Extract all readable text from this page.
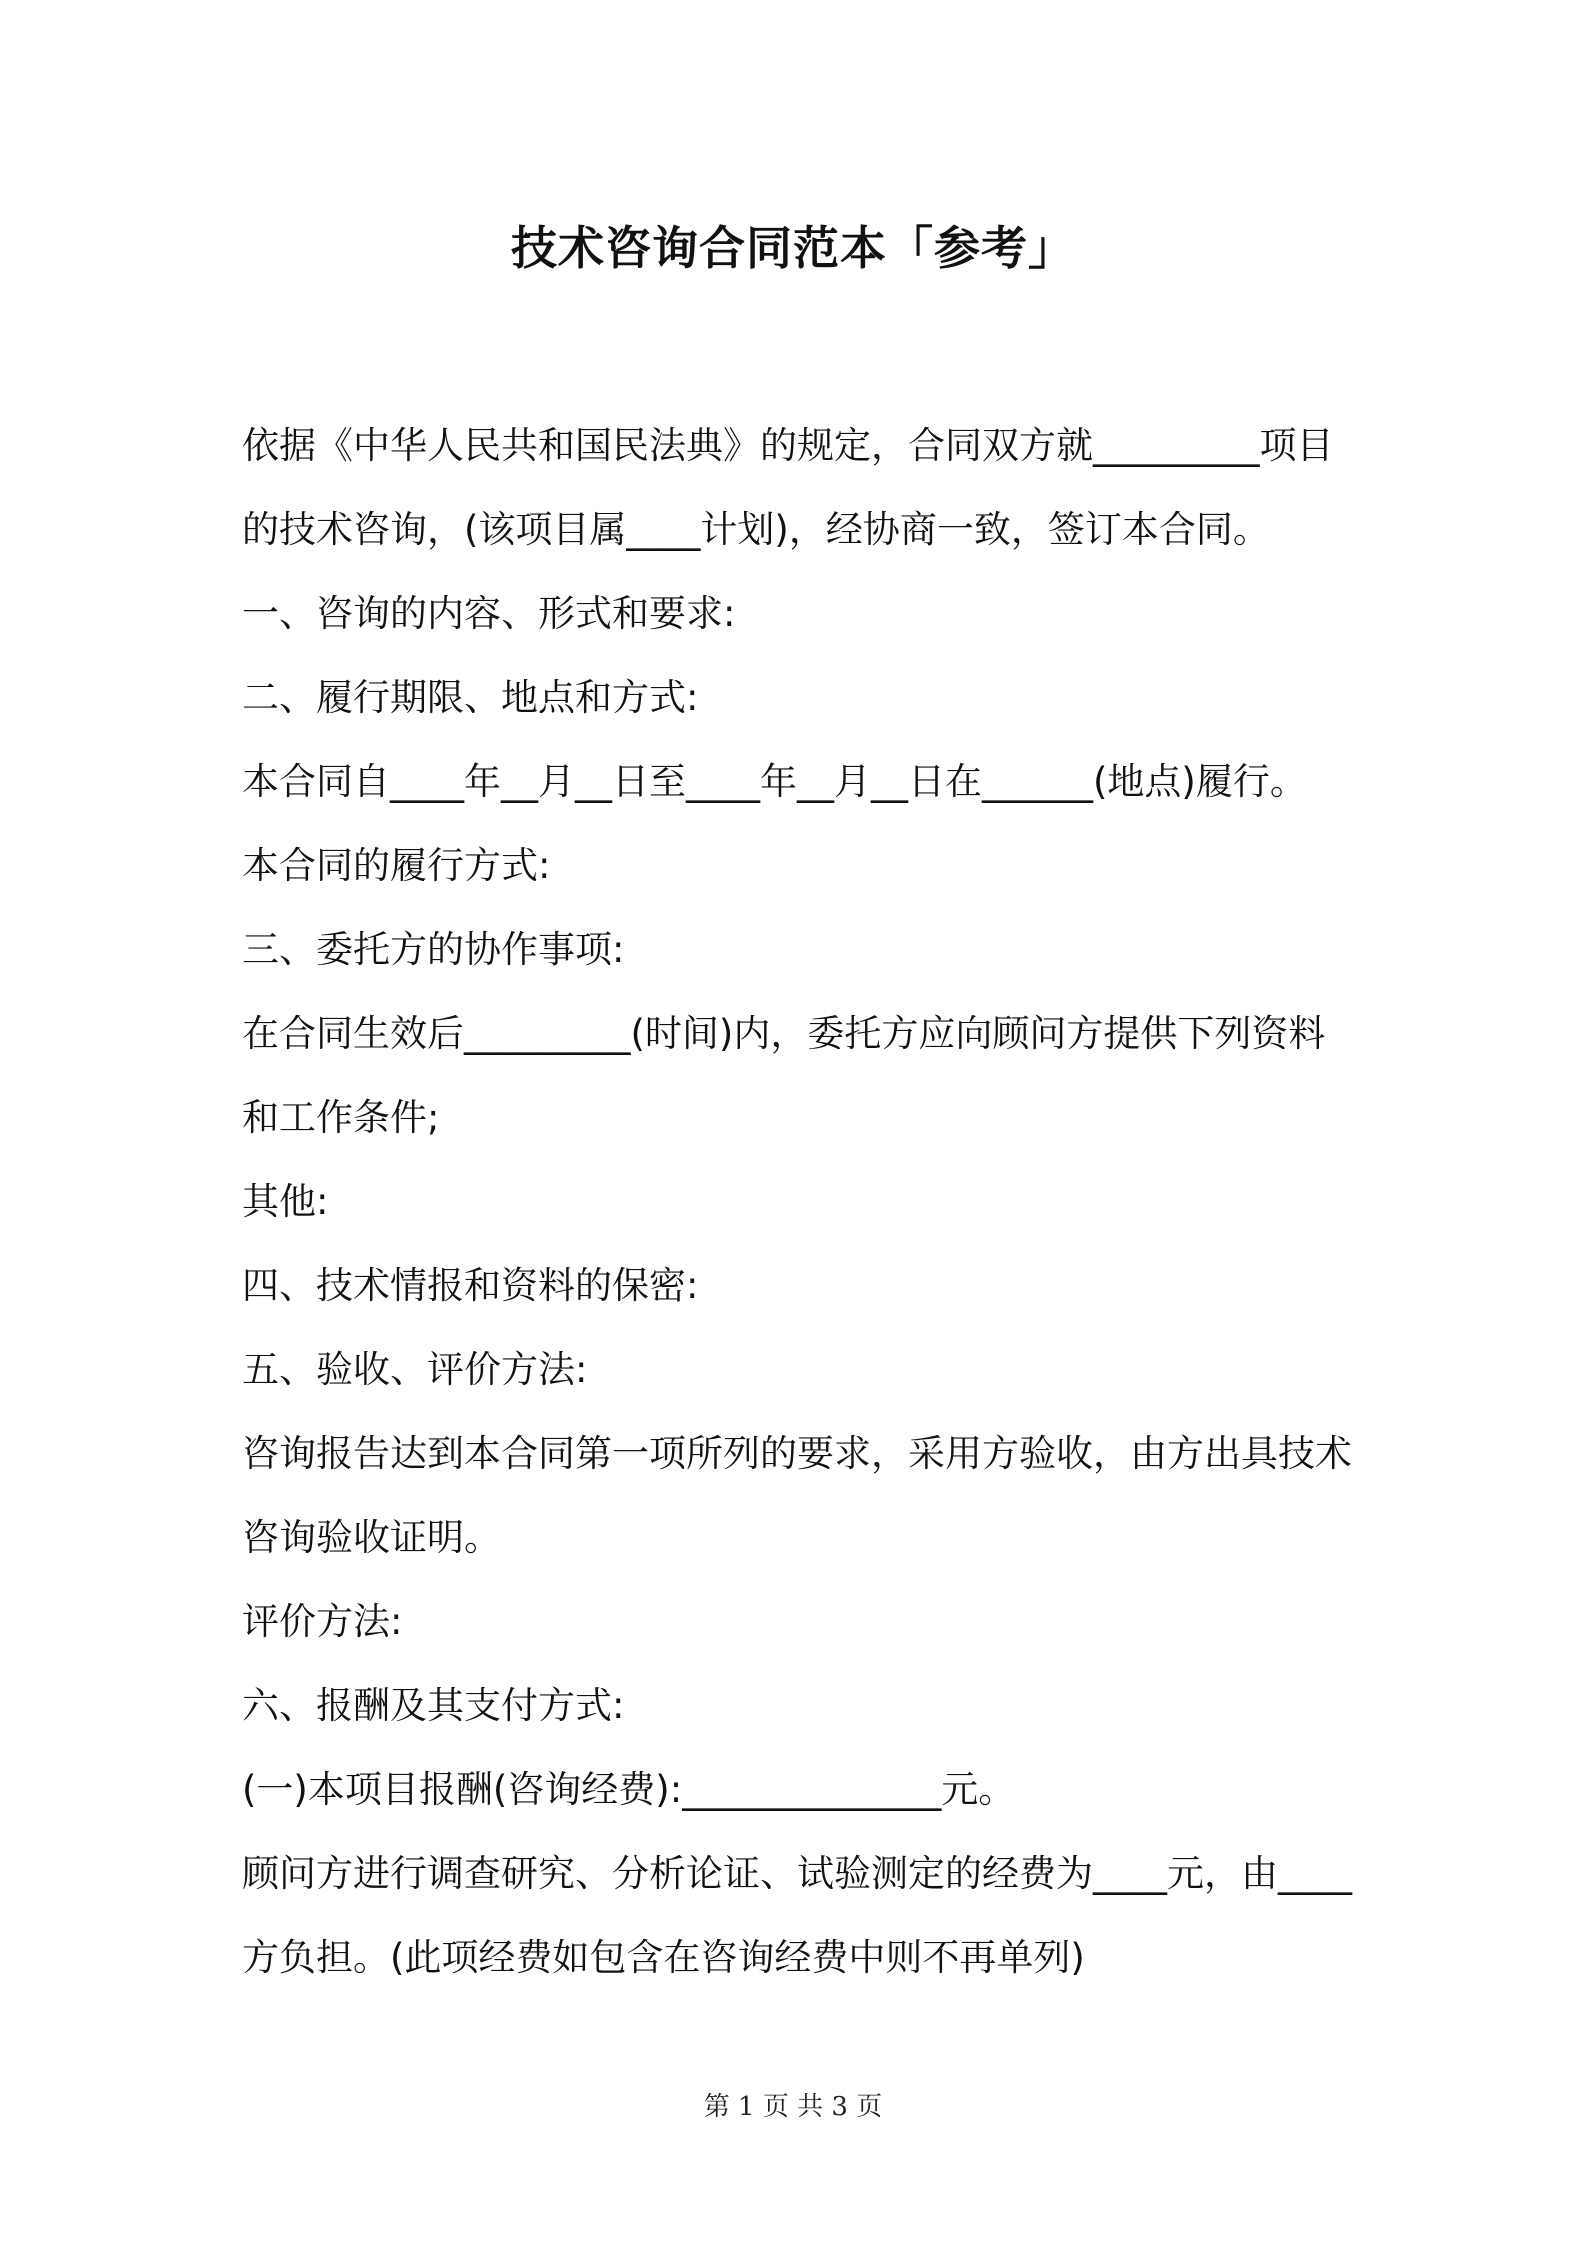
技术咨询合同范本「参考」
依据《中华人民共和国民法典》的规定，合同双方就_________项目
的技术咨询，(该项目属____计划)，经协商一致，签订本合同。
一、咨询的内容、形式和要求:
二、履行期限、地点和方式:
本合同自____年__月__日至____年__月__日在______(地点)履行。
本合同的履行方式:
三、委托方的协作事项:
在合同生效后_________(时间)内，委托方应向顾问方提供下列资料
和工作条件;
其他:
四、技术情报和资料的保密:
五、验收、评价方法:
咨询报告达到本合同第一项所列的要求，采用方验收，由方出具技术
咨询验收证明。
评价方法:
六、报酬及其支付方式:
(一)本项目报酬(咨询经费):______________元。
顾问方进行调查研究、分析论证、试验测定的经费为____元，由____
方负担。(此项经费如包含在咨询经费中则不再单列)
第 1 页 共 3 页
